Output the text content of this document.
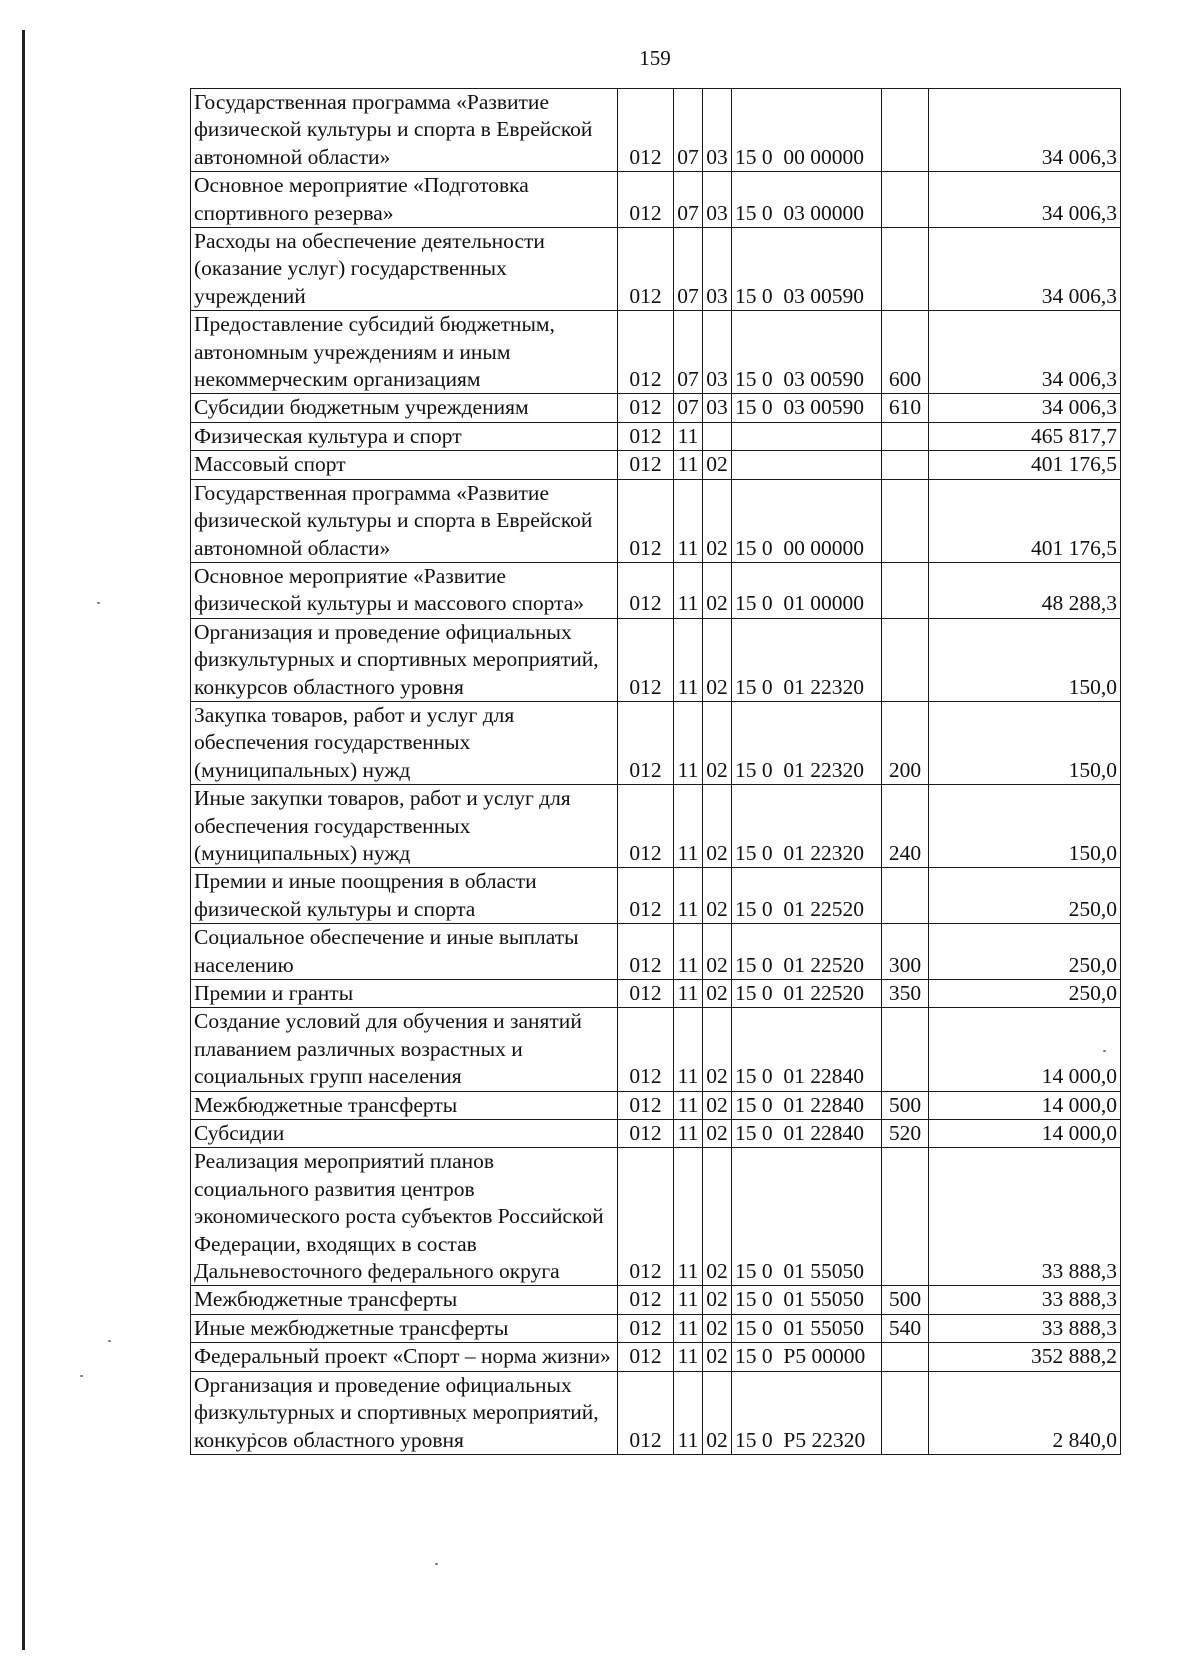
159
Государственная программа «Развитие физической культуры и спорта в Еврейской автономной области»	012	07	03	15 0  00 00000		34 006,3
Основное мероприятие «Подготовка спортивного резерва»	012	07	03	15 0  03 00000		34 006,3
Расходы на обеспечение деятельности (оказание услуг) государственных учреждений	012	07	03	15 0  03 00590		34 006,3
Предоставление субсидий бюджетным, автономным учреждениям и иным некоммерческим организациям	012	07	03	15 0  03 00590	600	34 006,3
Субсидии бюджетным учреждениям	012	07	03	15 0  03 00590	610	34 006,3
Физическая культура и спорт	012	11				465 817,7
Массовый спорт	012	11	02			401 176,5
Государственная программа «Развитие физической культуры и спорта в Еврейской автономной области»	012	11	02	15 0  00 00000		401 176,5
Основное мероприятие «Развитие физической культуры и массового спорта»	012	11	02	15 0  01 00000		48 288,3
Организация и проведение официальных физкультурных и спортивных мероприятий, конкурсов областного уровня	012	11	02	15 0  01 22320		150,0
Закупка товаров, работ и услуг для обеспечения государственных (муниципальных) нужд	012	11	02	15 0  01 22320	200	150,0
Иные закупки товаров, работ и услуг для обеспечения государственных (муниципальных) нужд	012	11	02	15 0  01 22320	240	150,0
Премии и иные поощрения в области физической культуры и спорта	012	11	02	15 0  01 22520		250,0
Социальное обеспечение и иные выплаты населению	012	11	02	15 0  01 22520	300	250,0
Премии и гранты	012	11	02	15 0  01 22520	350	250,0
Создание условий для обучения и занятий плаванием различных возрастных и социальных групп населения	012	11	02	15 0  01 22840		14 000,0
Межбюджетные трансферты	012	11	02	15 0  01 22840	500	14 000,0
Субсидии	012	11	02	15 0  01 22840	520	14 000,0
Реализация мероприятий планов социального развития центров экономического роста субъектов Российской Федерации, входящих в состав Дальневосточного федерального округа	012	11	02	15 0  01 55050		33 888,3
Межбюджетные трансферты	012	11	02	15 0  01 55050	500	33 888,3
Иные межбюджетные трансферты	012	11	02	15 0  01 55050	540	33 888,3
Федеральный проект «Спорт – норма жизни»	012	11	02	15 0  P5 00000		352 888,2
Организация и проведение официальных физкультурных и спортивных мероприятий, конкурсов областного уровня	012	11	02	15 0  P5 22320		2 840,0
